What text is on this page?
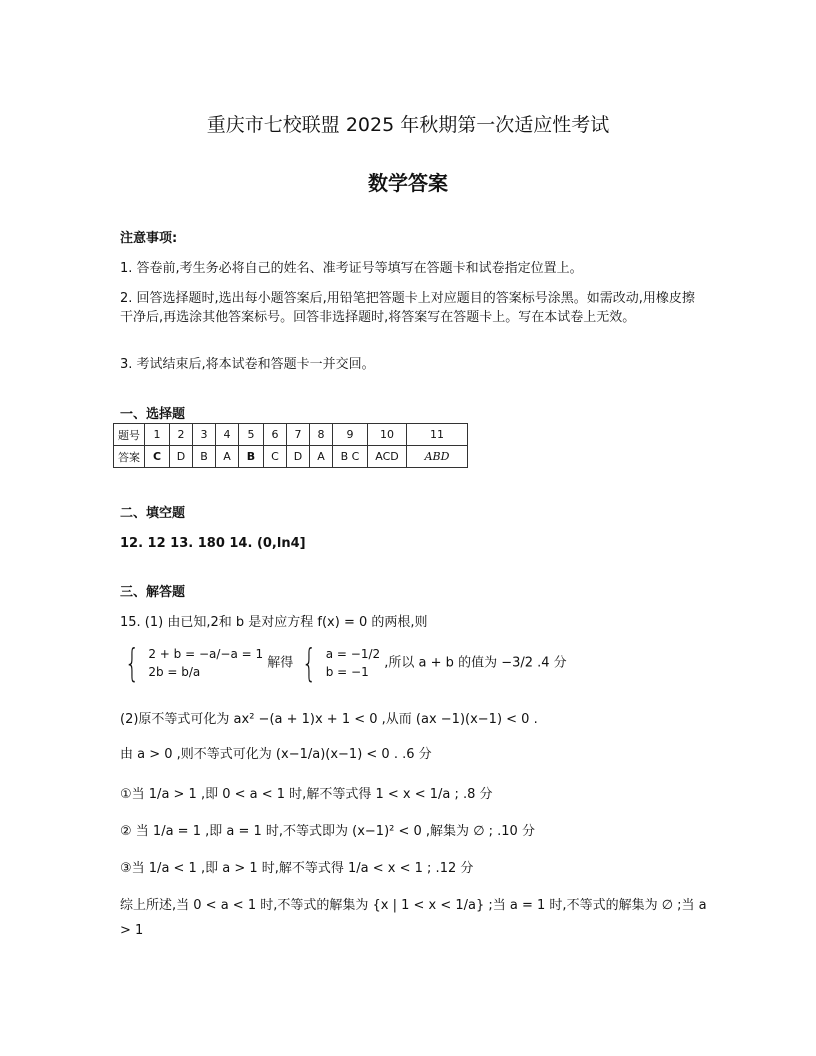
重庆市七校联盟 2025 年秋期第一次适应性考试
数学答案
注意事项:
1. 答卷前,考生务必将自己的姓名、准考证号等填写在答题卡和试卷指定位置上。
2. 回答选择题时,选出每小题答案后,用铅笔把答题卡上对应题目的答案标号涂黑。如需改动,用橡皮擦干净后,再选涂其他答案标号。回答非选择题时,将答案写在答题卡上。写在本试卷上无效。
3. 考试结束后,将本试卷和答题卡一并交回。
一、选择题
题号	1	2	3	4	5	6	7	8	9	10	11
答案	C	D	B	A	B	C	D	A	B C	ACD	ABD
二、填空题
12. 12 13. 180 14. (0,ln4]
三、解答题
15. (1) 由已知,2和 b 是对应方程 f(x) = 0 的两根,则
{ 2 + b = −a/−a = 1
2b = b/a
解得 { a = −1/2
b = −1
,所以 a + b 的值为 −3/2 .4 分
(2)原不等式可化为 ax² −(a + 1)x + 1 < 0 ,从而 (ax −1)(x−1) < 0 .
由 a > 0 ,则不等式可化为 (x−1/a)(x−1) < 0 . .6 分
①当 1/a > 1 ,即 0 < a < 1 时,解不等式得 1 < x < 1/a ; .8 分
② 当 1/a = 1 ,即 a = 1 时,不等式即为 (x−1)² < 0 ,解集为 ∅ ; .10 分
③当 1/a < 1 ,即 a > 1 时,解不等式得 1/a < x < 1 ; .12 分
综上所述,当 0 < a < 1 时,不等式的解集为 {x | 1 < x < 1/a} ;当 a = 1 时,不等式的解集为 ∅ ;当 a
> 1
